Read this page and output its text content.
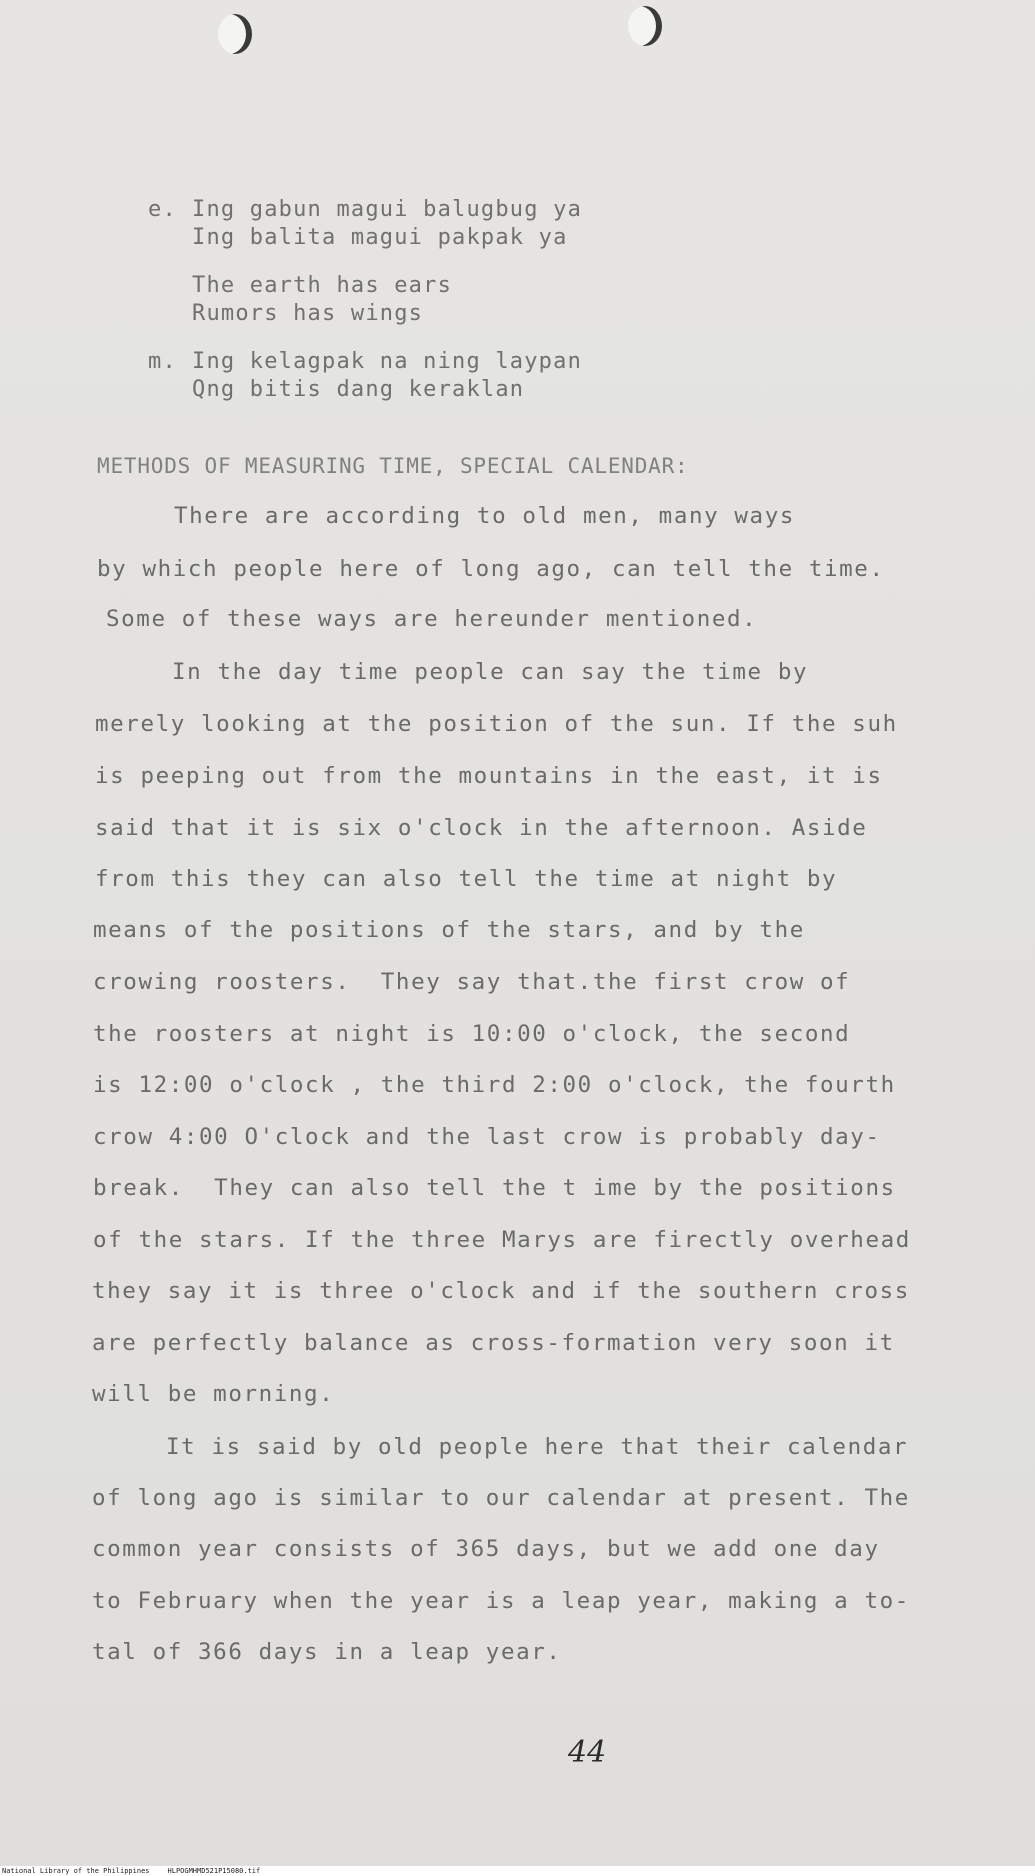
e. Ing gabun magui balugbug ya
Ing balita magui pakpak ya
The earth has ears
Rumors has wings
m. Ing kelagpak na ning laypan
Qng bitis dang keraklan
METHODS OF MEASURING TIME, SPECIAL CALENDAR:
There are according to old men, many ways
by which people here of long ago, can tell the time.
Some of these ways are hereunder mentioned.
In the day time people can say the time by
merely looking at the position of the sun. If the suh
is peeping out from the mountains in the east, it is
said that it is six o'clock in the afternoon. Aside
from this they can also tell the time at night by
means of the positions of the stars, and by the
crowing roosters.  They say that.the first crow of
the roosters at night is 10:00 o'clock, the second
is 12:00 o'clock , the third 2:00 o'clock, the fourth
crow 4:00 O'clock and the last crow is probably day-
break.  They can also tell the t ime by the positions
of the stars. If the three Marys are firectly overhead
they say it is three o'clock and if the southern cross
are perfectly balance as cross-formation very soon it
will be morning.
It is said by old people here that their calendar
of long ago is similar to our calendar at present. The
common year consists of 365 days, but we add one day
to February when the year is a leap year, making a to-
tal of 366 days in a leap year.
44
National Library of the Philippines	HLPOGMHMD521P15080.tif
